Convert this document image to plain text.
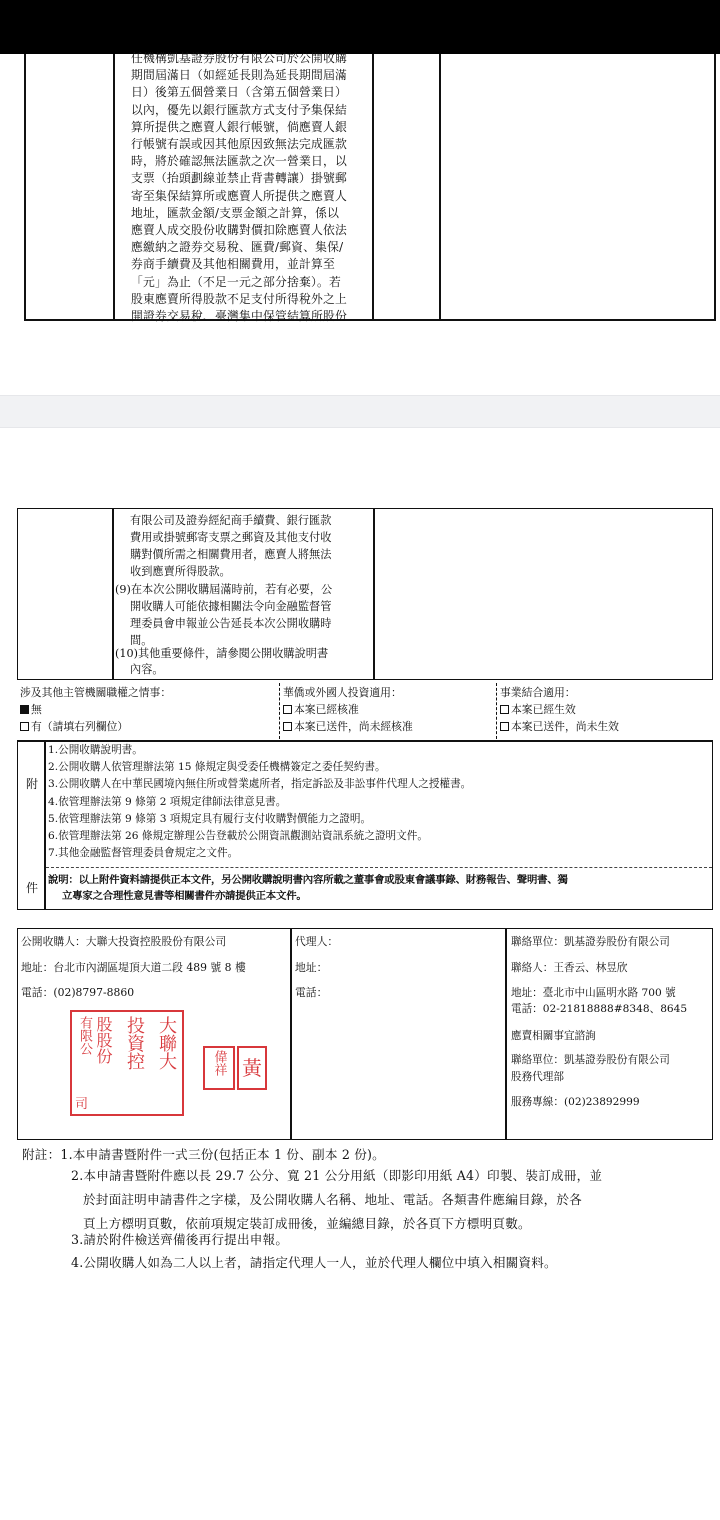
任機構凱基證券股份有限公司於公開收購
期間屆滿日（如經延長則為延長期間屆滿
日）後第五個營業日（含第五個營業日）
以內，優先以銀行匯款方式支付予集保結
算所提供之應賣人銀行帳號，倘應賣人銀
行帳號有誤或因其他原因致無法完成匯款
時，將於確認無法匯款之次一營業日，以
支票（抬頭劃線並禁止背書轉讓）掛號郵
寄至集保結算所或應賣人所提供之應賣人
地址，匯款金額/支票金額之計算，係以
應賣人成交股份收購對價扣除應賣人依法
應繳納之證券交易稅、匯費/郵資、集保/
券商手續費及其他相關費用，並計算至
「元」為止（不足一元之部分捨棄）。若
股東應賣所得股款不足支付所得稅外之上
開證券交易稅、臺灣集中保管結算所股份
有限公司及證券經紀商手續費、銀行匯款
費用或掛號郵寄支票之郵資及其他支付收
購對價所需之相關費用者，應賣人將無法
收到應賣所得股款。
(9)在本次公開收購屆滿時前，若有必要，公
開收購人可能依據相關法令向金融監督管
理委員會申報並公告延長本次公開收購時
間。
(10)其他重要條件，請參閱公開收購說明書
內容。
涉及其他主管機關職權之情事：
無
有（請填右列欄位）
華僑或外國人投資適用：
本案已經核准
本案已送件，尚未經核准
事業結合適用：
本案已經生效
本案已送件，尚未生效
附
件
1.公開收購說明書。
2.公開收購人依管理辦法第 15 條規定與受委任機構簽定之委任契約書。
3.公開收購人在中華民國境內無住所或營業處所者，指定訴訟及非訟事件代理人之授權書。
4.依管理辦法第 9 條第 2 項規定律師法律意見書。
5.依管理辦法第 9 條第 3 項規定具有履行支付收購對價能力之證明。
6.依管理辦法第 26 條規定辦理公告登載於公開資訊觀測站資訊系統之證明文件。
7.其他金融監督管理委員會規定之文件。
說明：以上附件資料請提供正本文件，另公開收購說明書內容所載之董事會或股東會議事錄、財務報告、聲明書、獨
立專家之合理性意見書等相關書件亦請提供正本文件。
公開收購人：大聯大投資控股股份有限公司
地址：台北市內湖區堤頂大道二段 489 號 8 樓
電話：(02)8797-8860
代理人：
地址：
電話：
聯絡單位：凱基證券股份有限公司
聯絡人：王香云、林昱欣
地址：臺北市中山區明水路 700 號
電話：02-21818888#8348、8645
應賣相關事宜諮詢
聯絡單位：凱基證券股份有限公司
股務代理部
服務專線：(02)23892999
大聯大
投資控
股股份
有限公
司
偉祥 黃
附註：1.本申請書暨附件一式三份(包括正本 1 份、副本 2 份)。
2.本申請書暨附件應以長 29.7 公分、寬 21 公分用紙（即影印用紙 A4）印製、裝訂成冊，並
於封面註明申請書件之字樣，及公開收購人名稱、地址、電話。各類書件應編目錄，於各
頁上方標明頁數，依前項規定裝訂成冊後，並編總目錄，於各頁下方標明頁數。
3.請於附件檢送齊備後再行提出申報。
4.公開收購人如為二人以上者，請指定代理人一人，並於代理人欄位中填入相關資料。
